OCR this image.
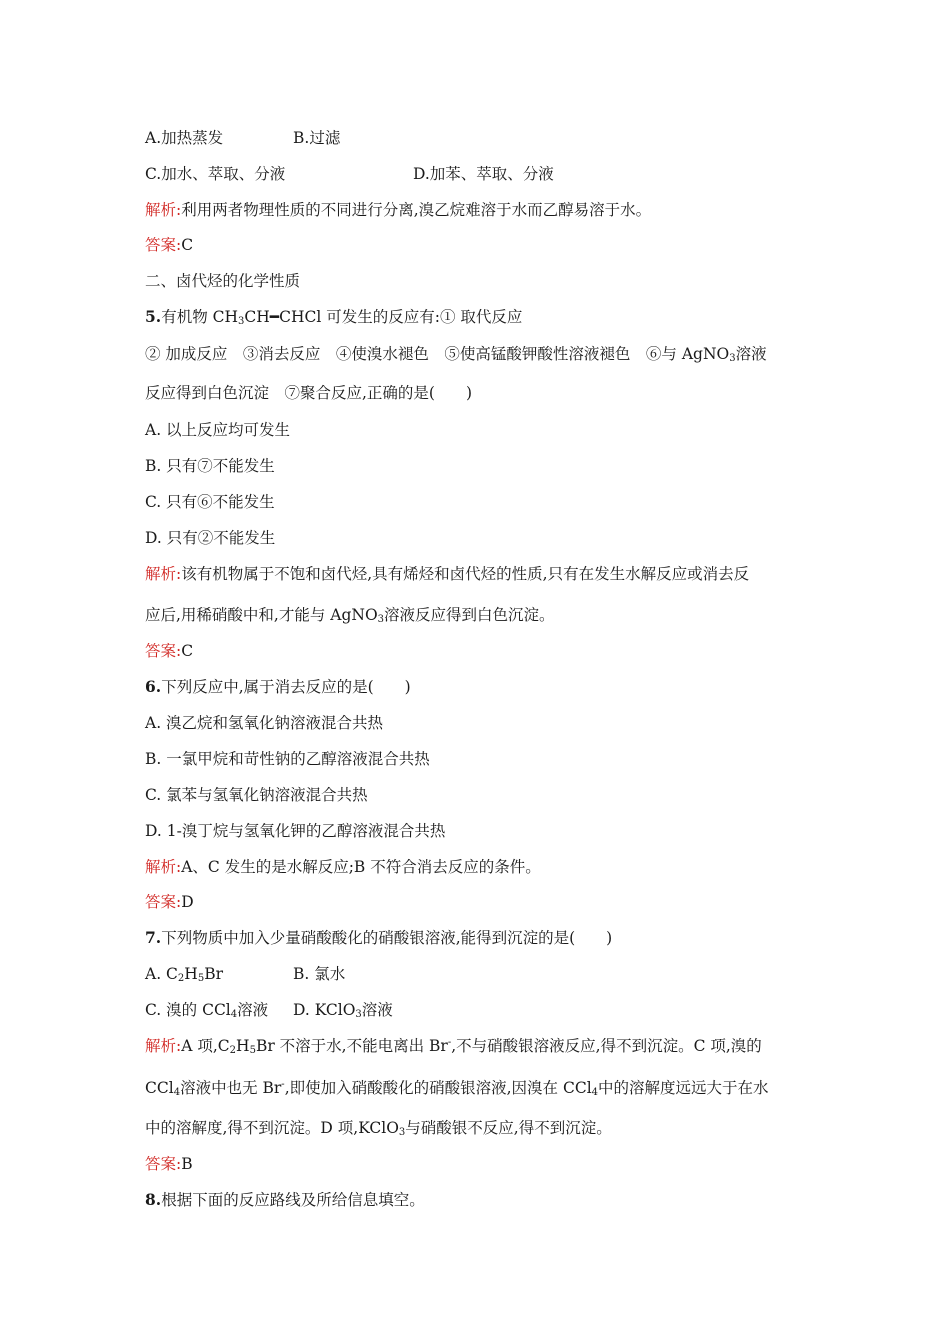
A.加热蒸发	B.过滤
C.加水、萃取、分液	D.加苯、萃取、分液
解析:利用两者物理性质的不同进行分离,溴乙烷难溶于水而乙醇易溶于水。
答案:C
二、卤代烃的化学性质
5.有机物 $CH_3CH━CHCl$ 可发生的反应有:① 取代反应
② 加成反应　③消去反应　④使溴水褪色　⑤使高锰酸钾酸性溶液褪色　⑥与 AgNO$_3$溶液
反应得到白色沉淀　⑦聚合反应,正确的是(　　)
A. 以上反应均可发生
B. 只有⑦不能发生
C. 只有⑥不能发生
D. 只有②不能发生
解析:该有机物属于不饱和卤代烃,具有烯烃和卤代烃的性质,只有在发生水解反应或消去反
应后,用稀硝酸中和,才能与 AgNO$_3$溶液反应得到白色沉淀。
答案:C
6.下列反应中,属于消去反应的是(　　)
A. 溴乙烷和氢氧化钠溶液混合共热
B. 一氯甲烷和苛性钠的乙醇溶液混合共热
C. 氯苯与氢氧化钠溶液混合共热
D. 1-溴丁烷与氢氧化钾的乙醇溶液混合共热
解析:A、C 发生的是水解反应;B 不符合消去反应的条件。
答案:D
7.下列物质中加入少量硝酸酸化的硝酸银溶液,能得到沉淀的是(　　)
A. $C_2H_5Br$	B. 氯水
C. 溴的 CCl$_4$溶液 D. KClO$_3$溶液
解析:A 项$,C_2H_5Br$ 不溶于水,不能电离出 Br-,不与硝酸银溶液反应,得不到沉淀。C 项,溴的
CCl$_4$溶液中也无 Br-,即使加入硝酸酸化的硝酸银溶液,因溴在 CCl$_4$中的溶解度远远大于在水
中的溶解度,得不到沉淀。D 项,KClO$_3$与硝酸银不反应,得不到沉淀。
答案:B
8.根据下面的反应路线及所给信息填空。
